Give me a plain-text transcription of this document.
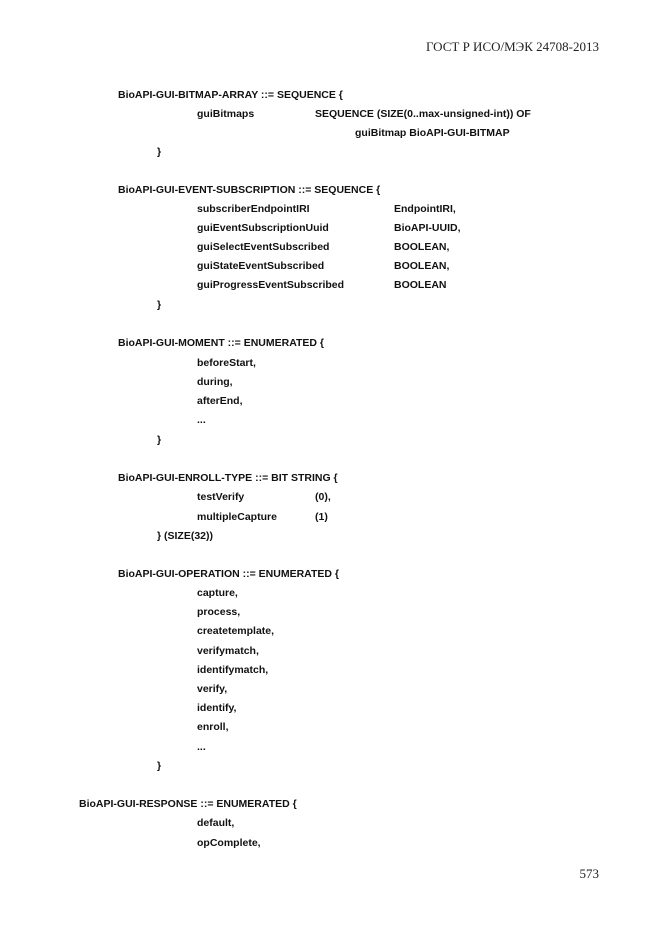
ГОСТ Р ИСО/МЭК 24708-2013
BioAPI-GUI-BITMAP-ARRAY ::= SEQUENCE {
guiBitmaps	SEQUENCE (SIZE(0..max-unsigned-int)) OF
guiBitmap BioAPI-GUI-BITMAP
}
BioAPI-GUI-EVENT-SUBSCRIPTION ::= SEQUENCE {
subscriberEndpointIRI	EndpointIRI,
guiEventSubscriptionUuid	BioAPI-UUID,
guiSelectEventSubscribed	BOOLEAN,
guiStateEventSubscribed	BOOLEAN,
guiProgressEventSubscribed	BOOLEAN
}
BioAPI-GUI-MOMENT ::= ENUMERATED {
beforeStart,
during,
afterEnd,
...
}
BioAPI-GUI-ENROLL-TYPE ::= BIT STRING {
testVerify	(0),
multipleCapture	(1)
} (SIZE(32))
BioAPI-GUI-OPERATION ::= ENUMERATED {
capture,
process,
createtemplate,
verifymatch,
identifymatch,
verify,
identify,
enroll,
...
}
BioAPI-GUI-RESPONSE ::= ENUMERATED {
default,
opComplete,
573
